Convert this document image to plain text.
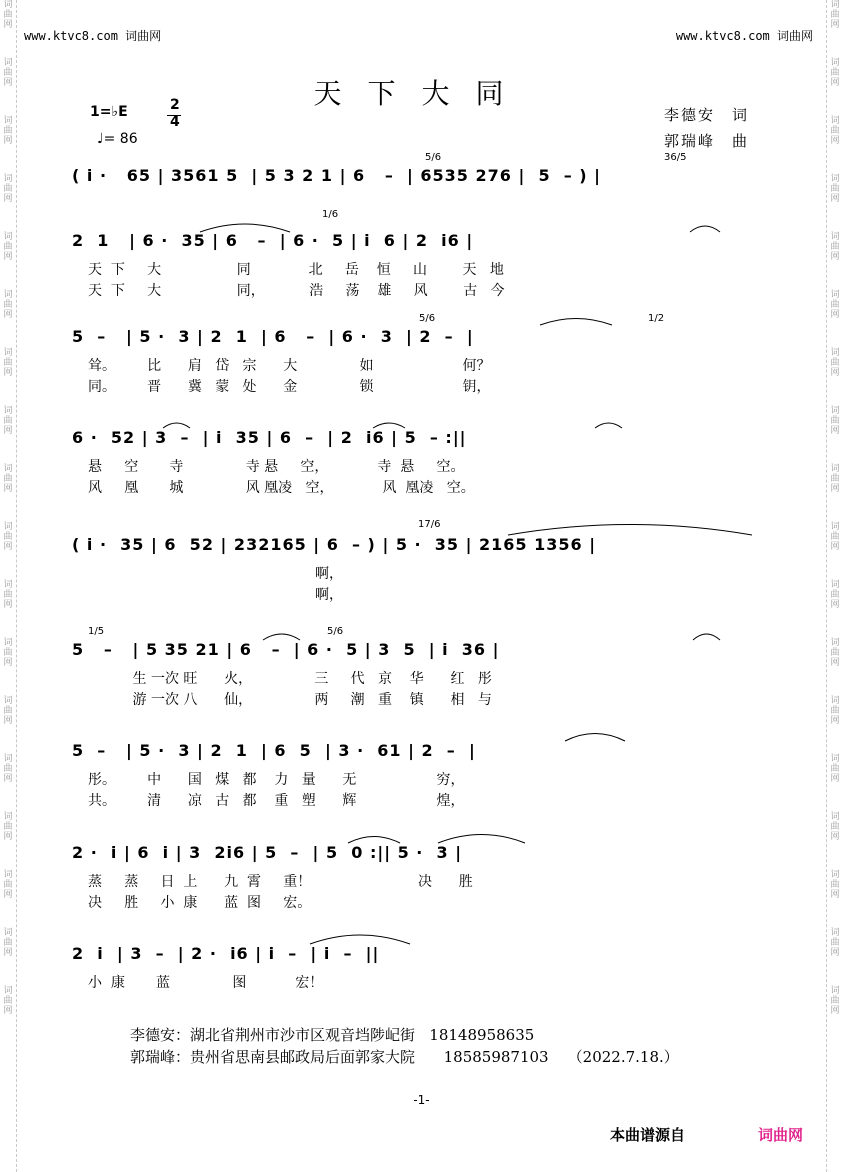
词
曲
网
词
曲
网
词
曲
网
词
曲
网
词
曲
网
词
曲
网
词
曲
网
词
曲
网
词
曲
网
词
曲
网
词
曲
网
词
曲
网
词
曲
网
词
曲
网
词
曲
网
词
曲
网
词
曲
网
词
曲
网
词
曲
网
词
曲
网
词
曲
网
词
曲
网
词
曲
网
词
曲
网
词
曲
网
词
曲
网
词
曲
网
词
曲
网
词
曲
网
词
曲
网
词
曲
网
词
曲
网
词
曲
网
词
曲
网
词
曲
网
词
曲
网
www.ktvc8.com 词曲网	www.ktvc8.com 词曲网
天下大同
1=♭E	2
4
♩= 86
李德安　词
郭瑞峰　曲
( i ·   65 | 3561 5  | 5 3 2 1 | 6   –  | 6535 276 |  5  – ) |
2  1   | 6 ·  35 | 6   –  | 6 ·  5 | i  6 | 2  i6 |
天  下     大                 同             北     岳    恒     山        天   地
天  下     大                 同，          浩     荡    雄     风        古   今
5  –   | 5 ·  3 | 2  1  | 6   –  | 6 ·  3  | 2  –  |
耸。       比      肩   岱   宗      大              如                    何？
同。       晋      冀   蒙   处      金              锁                    钥，
6 ·  52 | 3  –  | i  35 | 6  –  | 2  i6 | 5  – :||
悬     空       寺              寺 悬     空，           寺  悬     空。
风     凰       城              风 凰凌   空，           风  凰凌   空。
( i ·  35 | 6  52 | 232165 | 6  – ) | 5 ·  35 | 2165 1356 |
啊，
啊，
5   –   | 5 35 21 | 6   –  | 6 ·  5 | 3  5  | i  36 |
生 一次 旺      火，              三     代   京    华      红   彤
游 一次 八      仙，              两     潮   重    镇      相   与
5  –   | 5 ·  3 | 2  1  | 6  5  | 3 ·  61 | 2  –  |
彤。       中      国   煤   都    力   量      无                  穷，
共。       清      凉   古   都    重   塑      辉                  煌，
2 ·  i | 6  i | 3  2i6 | 5  –  | 5  0 :|| 5 ·  3 |
蒸     蒸     日  上      九  霄     重！                        决      胜
决     胜     小  康      蓝  图     宏。
2  i  | 3  –  | 2 ·  i6 | i  –  | i  –  ||
小  康       蓝              图           宏！
5/6	36/5
1/6
5/6	1/2
17/6
1/5	5/6
李德安：湖北省荆州市沙市区观音垱陟屺街   18148958635
郭瑞峰：贵州省思南县邮政局后面郭家大院      18585987103    （2022.7.18.）
-1-
本曲谱源自	词曲网
